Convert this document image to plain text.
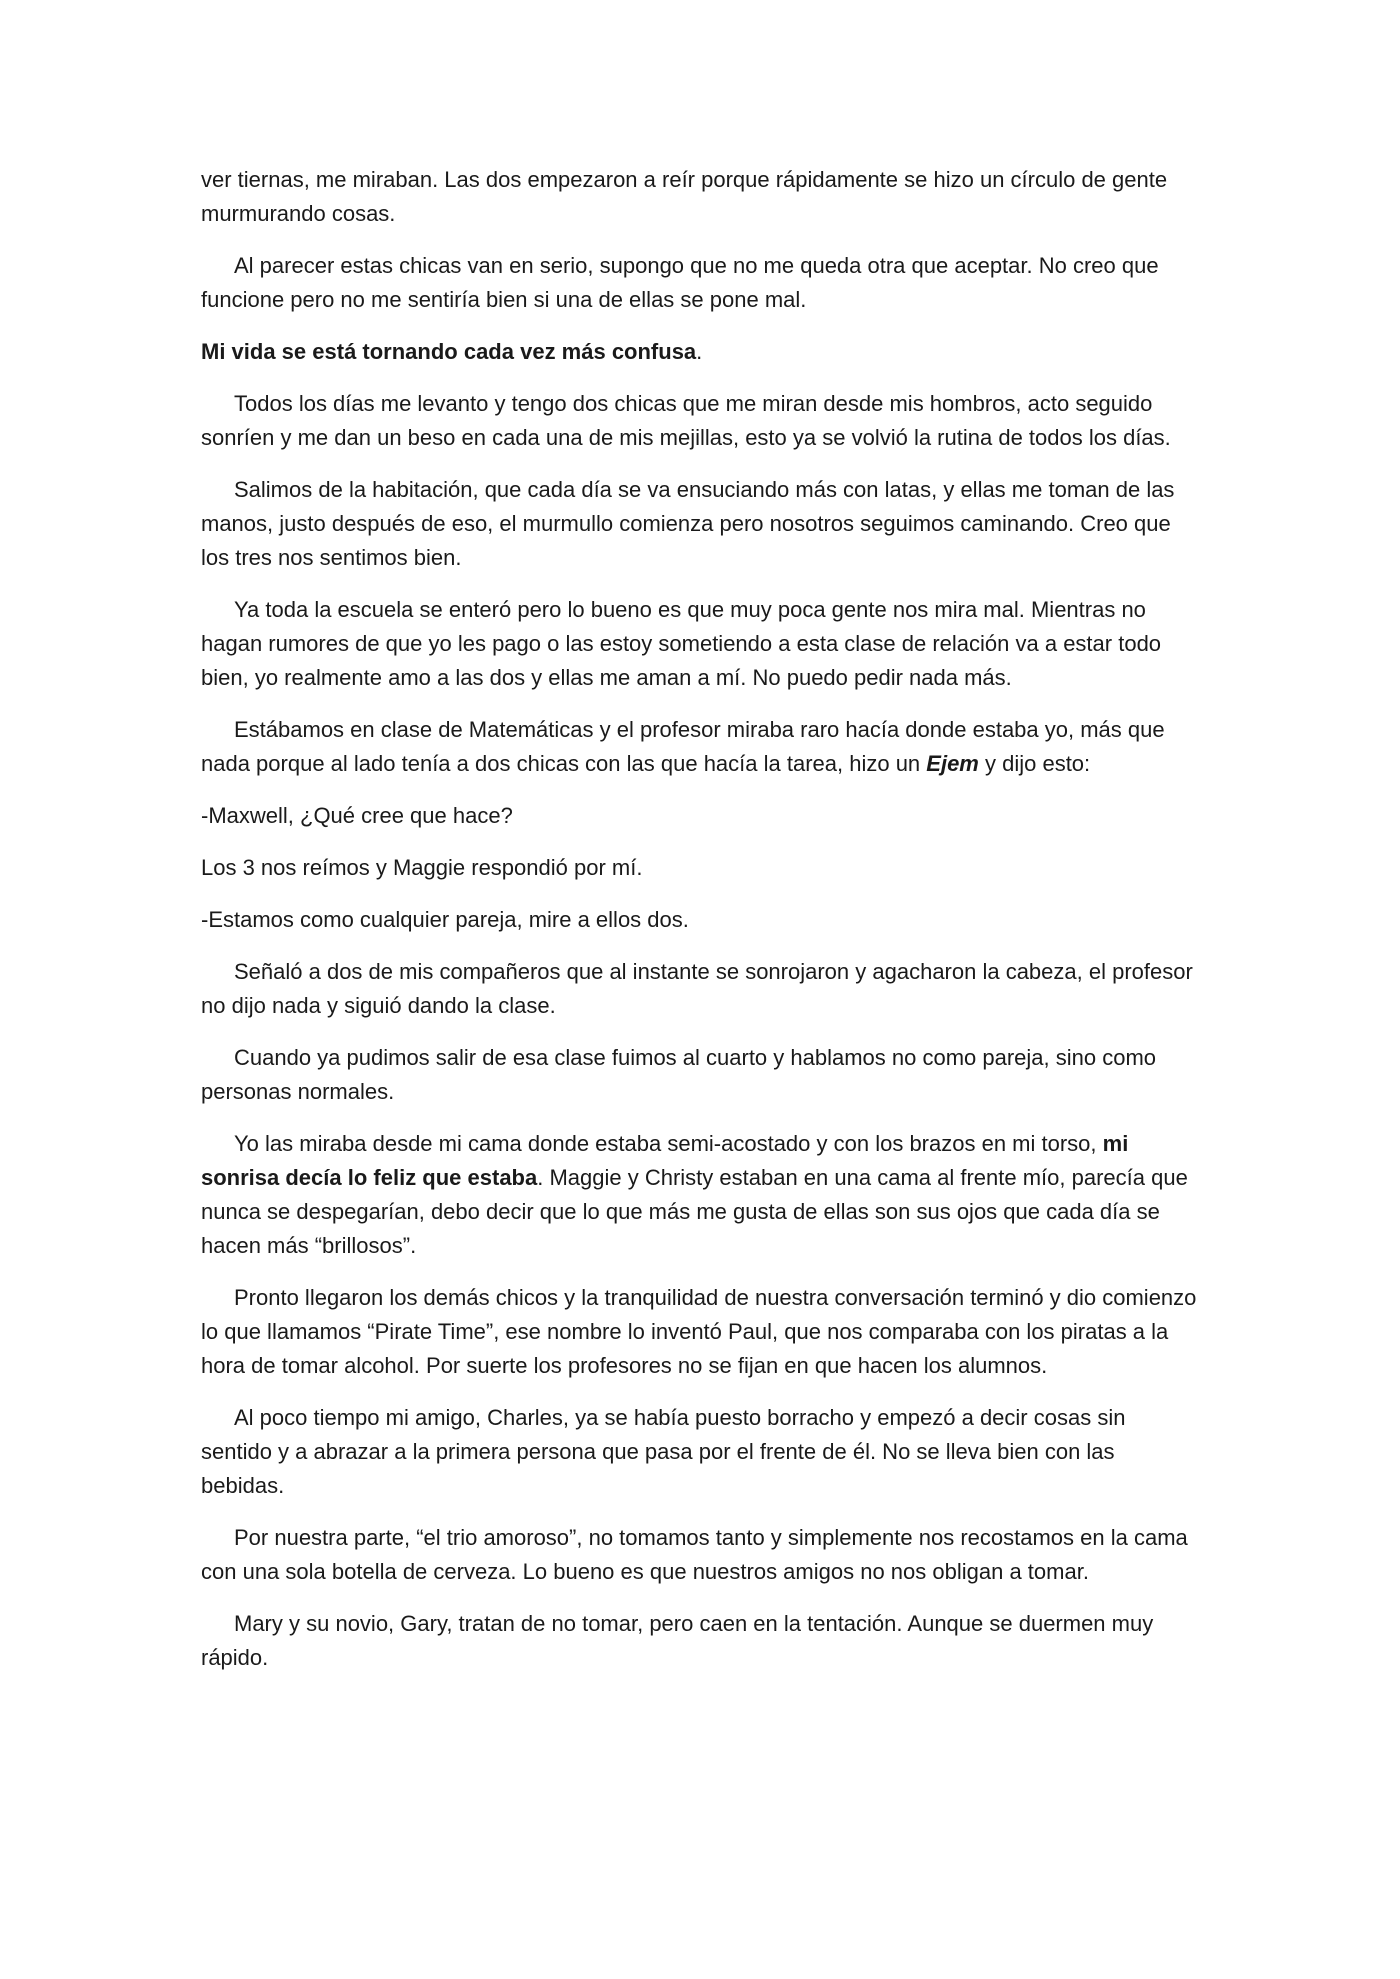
ver tiernas, me miraban. Las dos empezaron a reír porque rápidamente se hizo un círculo de gente murmurando cosas.

Al parecer estas chicas van en serio, supongo que no me queda otra que aceptar. No creo que funcione pero no me sentiría bien si una de ellas se pone mal.

Mi vida se está tornando cada vez más confusa.

Todos los días me levanto y tengo dos chicas que me miran desde mis hombros, acto seguido sonríen y me dan un beso en cada una de mis mejillas, esto ya se volvió la rutina de todos los días.

Salimos de la habitación, que cada día se va ensuciando más con latas, y ellas me toman de las manos, justo después de eso, el murmullo comienza pero nosotros seguimos caminando. Creo que los tres nos sentimos bien.

Ya toda la escuela se enteró pero lo bueno es que muy poca gente nos mira mal. Mientras no hagan rumores de que yo les pago o las estoy sometiendo a esta clase de relación va a estar todo bien, yo realmente amo a las dos y ellas me aman a mí. No puedo pedir nada más.

Estábamos en clase de Matemáticas y el profesor miraba raro hacía donde estaba yo, más que nada porque al lado tenía a dos chicas con las que hacía la tarea, hizo un Ejem y dijo esto:

-Maxwell, ¿Qué cree que hace?

Los 3 nos reímos y Maggie respondió por mí.

-Estamos como cualquier pareja, mire a ellos dos.

Señaló a dos de mis compañeros que al instante se sonrojaron y agacharon la cabeza, el profesor no dijo nada y siguió dando la clase.

Cuando ya pudimos salir de esa clase fuimos al cuarto y hablamos no como pareja, sino como personas normales.

Yo las miraba desde mi cama donde estaba semi-acostado y con los brazos en mi torso, mi sonrisa decía lo feliz que estaba. Maggie y Christy estaban en una cama al frente mío, parecía que nunca se despegarían, debo decir que lo que más me gusta de ellas son sus ojos que cada día se hacen más “brillosos”.

Pronto llegaron los demás chicos y la tranquilidad de nuestra conversación terminó y dio comienzo lo que llamamos “Pirate Time”, ese nombre lo inventó Paul, que nos comparaba con los piratas a la hora de tomar alcohol. Por suerte los profesores no se fijan en que hacen los alumnos.

Al poco tiempo mi amigo, Charles, ya se había puesto borracho y empezó a decir cosas sin sentido y a abrazar a la primera persona que pasa por el frente de él. No se lleva bien con las bebidas.

Por nuestra parte, “el trio amoroso”, no tomamos tanto y simplemente nos recostamos en la cama con una sola botella de cerveza. Lo bueno es que nuestros amigos no nos obligan a tomar.

Mary y su novio, Gary, tratan de no tomar, pero caen en la tentación. Aunque se duermen muy rápido.
